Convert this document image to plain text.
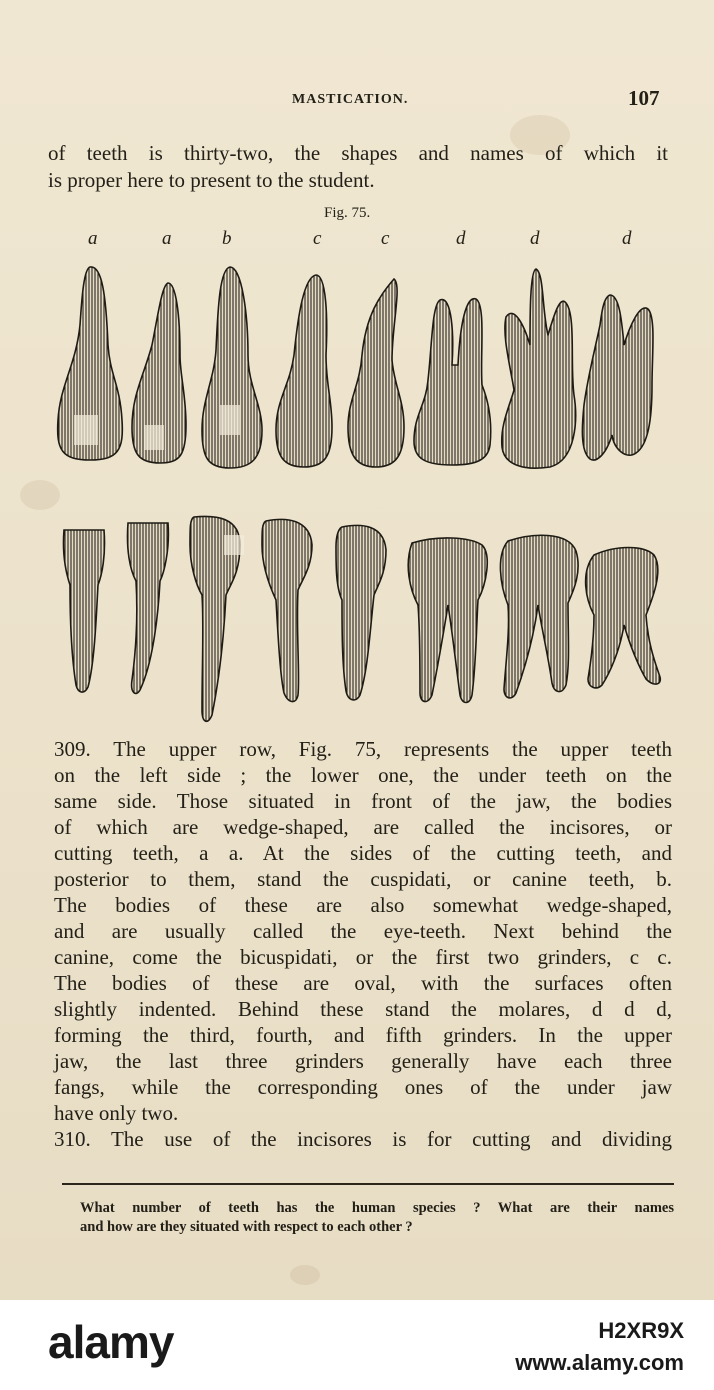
MASTICATION.	107
of teeth is thirty-two, the shapes and names of which it
is proper here to present to the student.
Fig. 75.
a	a	b	c	c	d	d	d
309. The upper row, Fig. 75, represents the upper teeth
on the left side ; the lower one, the under teeth on the
same side. Those situated in front of the jaw, the bodies
of which are wedge-shaped, are called the incisores, or
cutting teeth, a a. At the sides of the cutting teeth, and
posterior to them, stand the cuspidati, or canine teeth, b.
The bodies of these are also somewhat wedge-shaped,
and are usually called the eye-teeth. Next behind the
canine, come the bicuspidati, or the first two grinders, c c.
The bodies of these are oval, with the surfaces often
slightly indented. Behind these stand the molares, d d d,
forming the third, fourth, and fifth grinders. In the upper
jaw, the last three grinders generally have each three
fangs, while the corresponding ones of the under jaw
have only two.
310. The use of the incisores is for cutting and dividing
What number of teeth has the human species ? What are their names
and how are they situated with respect to each other ?
alamy	H2XR9X
www.alamy.com
